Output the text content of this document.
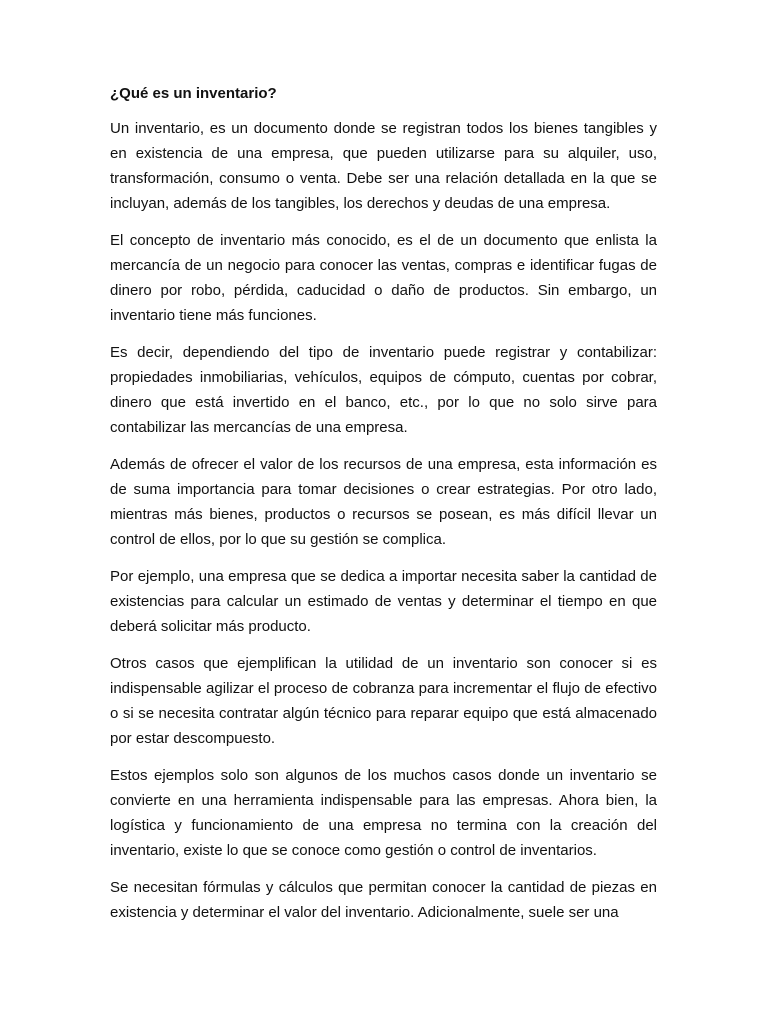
¿Qué es un inventario?

Un inventario, es un documento donde se registran todos los bienes tangibles y en existencia de una empresa, que pueden utilizarse para su alquiler, uso, transformación, consumo o venta. Debe ser una relación detallada en la que se incluyan, además de los tangibles, los derechos y deudas de una empresa.

El concepto de inventario más conocido, es el de un documento que enlista la mercancía de un negocio para conocer las ventas, compras e identificar fugas de dinero por robo, pérdida, caducidad o daño de productos. Sin embargo, un inventario tiene más funciones.

Es decir, dependiendo del tipo de inventario puede registrar y contabilizar: propiedades inmobiliarias, vehículos, equipos de cómputo, cuentas por cobrar, dinero que está invertido en el banco, etc., por lo que no solo sirve para contabilizar las mercancías de una empresa.

Además de ofrecer el valor de los recursos de una empresa, esta información es de suma importancia para tomar decisiones o crear estrategias. Por otro lado, mientras más bienes, productos o recursos se posean, es más difícil llevar un control de ellos, por lo que su gestión se complica.

Por ejemplo, una empresa que se dedica a importar necesita saber la cantidad de existencias para calcular un estimado de ventas y determinar el tiempo en que deberá solicitar más producto.

Otros casos que ejemplifican la utilidad de un inventario son conocer si es indispensable agilizar el proceso de cobranza para incrementar el flujo de efectivo o si se necesita contratar algún técnico para reparar equipo que está almacenado por estar descompuesto.

Estos ejemplos solo son algunos de los muchos casos donde un inventario se convierte en una herramienta indispensable para las empresas. Ahora bien, la logística y funcionamiento de una empresa no termina con la creación del inventario, existe lo que se conoce como gestión o control de inventarios.

Se necesitan fórmulas y cálculos que permitan conocer la cantidad de piezas en existencia y determinar el valor del inventario. Adicionalmente, suele ser una
